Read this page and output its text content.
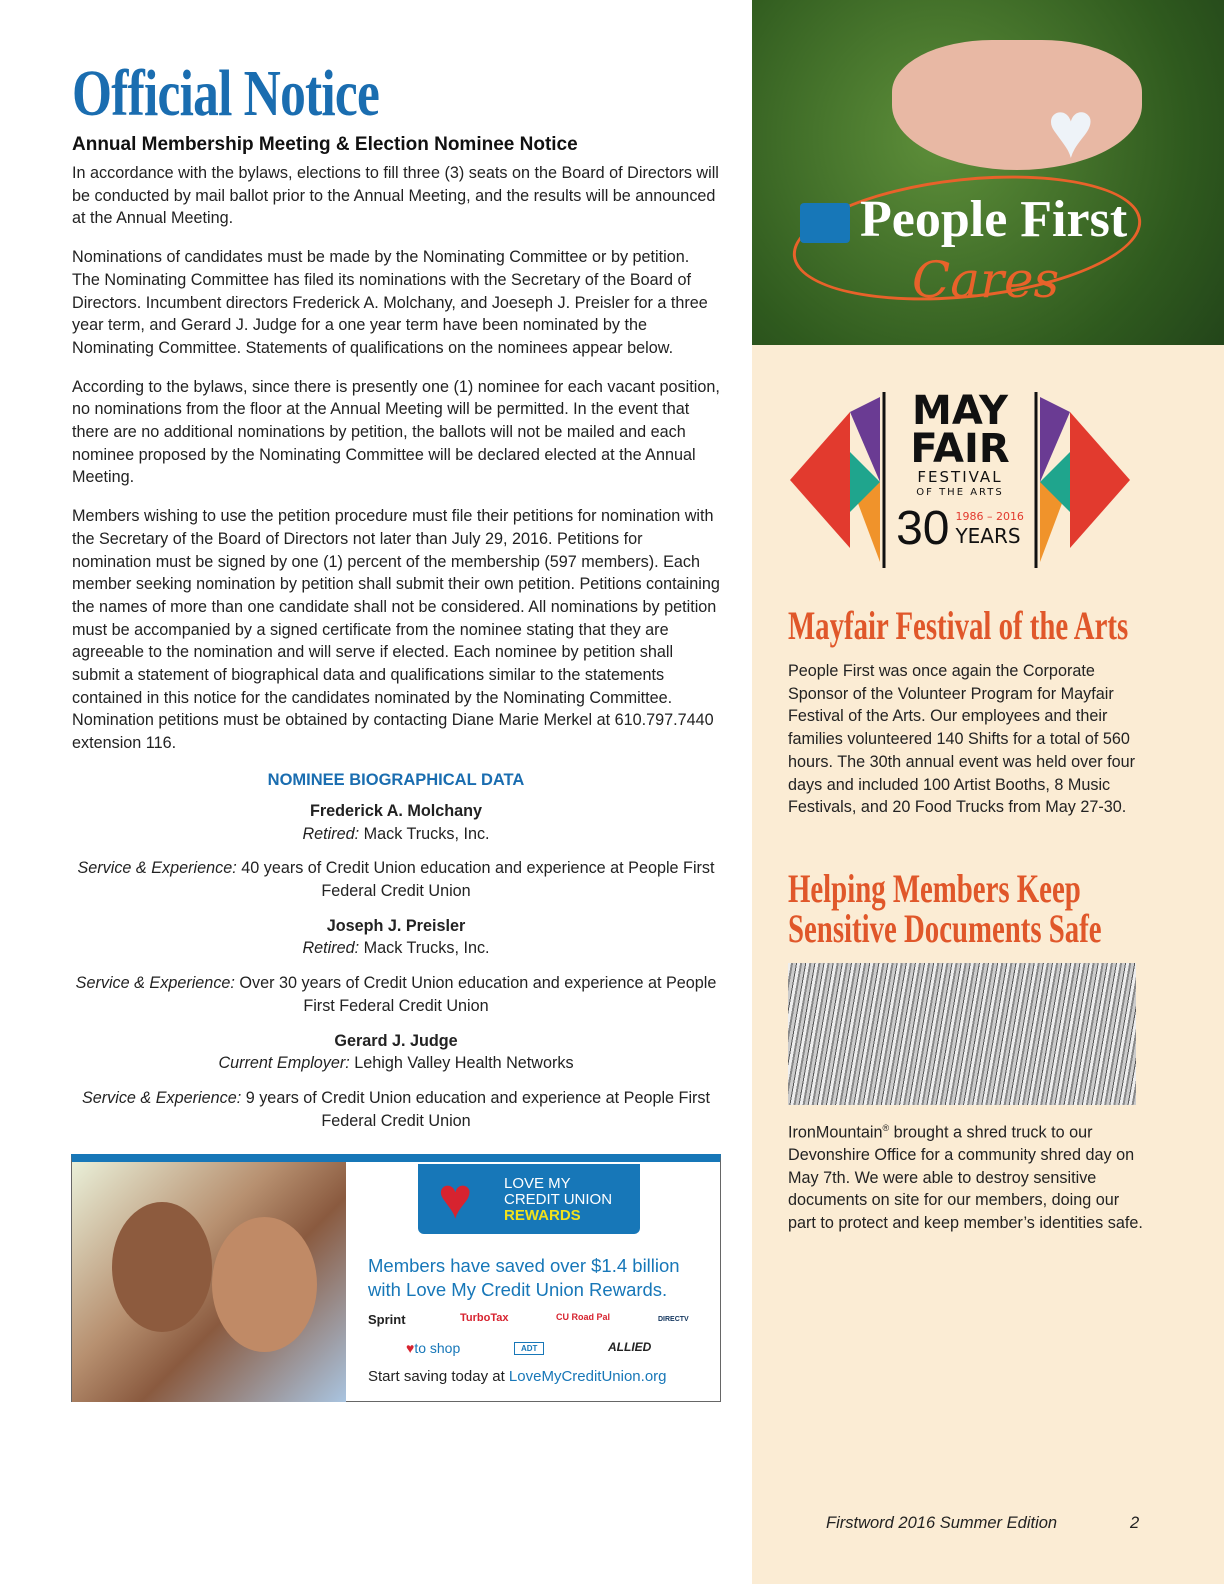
Official Notice
Annual Membership Meeting & Election Nominee Notice

In accordance with the bylaws, elections to fill three (3) seats on the Board of Directors will be conducted by mail ballot prior to the Annual Meeting, and the results will be announced at the Annual Meeting.

Nominations of candidates must be made by the Nominating Committee or by petition. The Nominating Committee has filed its nominations with the Secretary of the Board of Directors. Incumbent directors Frederick A. Molchany, and Joeseph J. Preisler for a three year term, and Gerard J. Judge for a one year term have been nominated by the Nominating Committee. Statements of qualifications on the nominees appear below.

According to the bylaws, since there is presently one (1) nominee for each vacant position, no nominations from the floor at the Annual Meeting will be permitted. In the event that there are no additional nominations by petition, the ballots will not be mailed and each nominee proposed by the Nominating Committee will be declared elected at the Annual Meeting.

Members wishing to use the petition procedure must file their petitions for nomination with the Secretary of the Board of Directors not later than July 29, 2016. Petitions for nomination must be signed by one (1) percent of the membership (597 members). Each member seeking nomination by petition shall submit their own petition. Petitions containing the names of more than one candidate shall not be considered. All nominations by petition must be accompanied by a signed certificate from the nominee stating that they are agreeable to the nomination and will serve if elected. Each nominee by petition shall submit a statement of biographical data and qualifications similar to the statements contained in this notice for the candidates nominated by the Nominating Committee. Nomination petitions must be obtained by contacting Diane Marie Merkel at 610.797.7440 extension 116.

NOMINEE BIOGRAPHICAL DATA
Frederick A. Molchany
Retired: Mack Trucks, Inc.
Service & Experience: 40 years of Credit Union education and experience at People First Federal Credit Union
Joseph J. Preisler
Retired: Mack Trucks, Inc.
Service & Experience: Over 30 years of Credit Union education and experience at People First Federal Credit Union
Gerard J. Judge
Current Employer: Lehigh Valley Health Networks
Service & Experience: 9 years of Credit Union education and experience at People First Federal Credit Union
♥ LOVE MY
CREDIT UNION
REWARDS
Members have saved over $1.4 billion
with Love My Credit Union Rewards.
Sprint	TurboTax	CU Road Pal	DIRECTV
♥to shop	ADT	ALLIED
Start saving today at LoveMyCreditUnion.org
♥
People First
Cares
MAY
FAIR
FESTIVAL
OF THE ARTS
30 1986 – 2016
YEARS
Mayfair Festival of the Arts

People First was once again the Corporate Sponsor of the Volunteer Program for Mayfair Festival of the Arts. Our employees and their families volunteered 140 Shifts for a total of 560 hours. The 30th annual event was held over four days and included 100 Artist Booths, 8 Music Festivals, and 20 Food Trucks from May 27-30.

Helping Members Keep
Sensitive Documents Safe

IronMountain® brought a shred truck to our Devonshire Office for a community shred day on May 7th. We were able to destroy sensitive documents on site for our members, doing our part to protect and keep member’s identities safe.

Firstword 2016 Summer Edition	2
